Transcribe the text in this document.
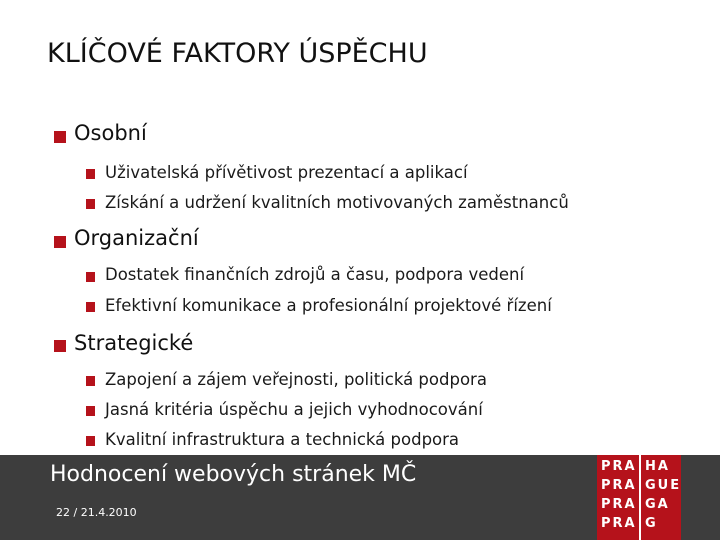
KLÍČOVÉ FAKTORY ÚSPĚCHU
Osobní
Uživatelská přívětivost prezentací a aplikací
Získání a udržení kvalitních motivovaných zaměstnanců
Organizační
Dostatek finančních zdrojů a času, podpora vedení
Efektivní komunikace a profesionální projektové řízení
Strategické
Zapojení a zájem veřejnosti, politická podpora
Jasná kritéria úspěchu a jejich vyhodnocování
Kvalitní infrastruktura a technická podpora
Hodnocení webových stránek MČ
22 / 21.4.2010
PRA
PRA
PRA
PRA
HA
GUE
GA
G
